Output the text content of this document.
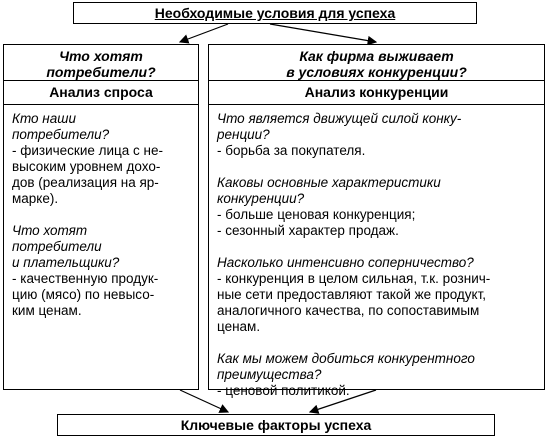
Необходимые условия для успеха
Что хотят
потребители?
Анализ спроса
Кто наши
потребители?
- физические лица с не-
высоким уровнем дохо-
дов (реализация на яр-
марке).
Что хотят
потребители
и плательщики?
- качественную продук-
цию (мясо) по невысо-
ким ценам.
Как фирма выживает
в условиях конкуренции?
Анализ конкуренции
Что является движущей силой конку-
ренции?
- борьба за покупателя.
Каковы основные характеристики
конкуренции?
- больше ценовая конкуренция;
- сезонный характер продаж.
Насколько интенсивно соперничество?
- конкуренция в целом сильная, т.к. рознич-
ные сети предоставляют такой же продукт,
аналогичного качества, по сопоставимым
ценам.
Как мы можем добиться конкурентного
преимущества?
- ценовой политикой.
Ключевые факторы успеха
